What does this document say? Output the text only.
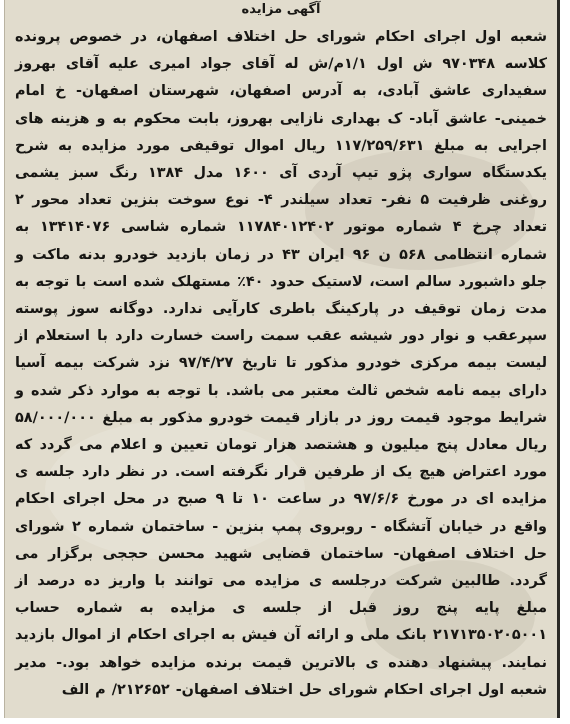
آگهی مزایده
شعبه اول اجرای احکام شورای حل اختلاف اصفهان، در خصوص پرونده کلاسه ۹۷۰۳۴۸ ش اول ۱/۱م/ش له آقای جواد امیری علیه آقای بهروز سفیداری عاشق آبادی، به آدرس اصفهان، شهرستان اصفهان- خ امام خمینی- عاشق آباد- ک بهداری نازایی بهروز، بابت محکوم به و هزینه های اجرایی به مبلغ ۱۱۷/۲۵۹/۶۳۱ ریال اموال توقیفی مورد مزایده به شرح یکدستگاه سواری پژو تیپ آردی آی ۱۶۰۰ مدل ۱۳۸۴ رنگ سبز یشمی روغنی ظرفیت ۵ نفر- تعداد سیلندر ۴- نوع سوخت بنزین تعداد محور ۲ تعداد چرخ ۴ شماره موتور ۱۱۷۸۴۰۱۲۴۰۲ شماره شاسی ۱۳۴۱۴۰۷۶ به شماره انتظامی ۵۶۸ ن ۹۶ ایران ۴۳ در زمان بازدید خودرو بدنه ماکت و جلو داشبورد سالم است، لاستیک حدود ۴۰٪ مستهلک شده است با توجه به مدت زمان توقیف در پارکینگ باطری کارآیی ندارد. دوگانه سوز پوسته سپرعقب و نوار دور شیشه عقب سمت راست خسارت دارد با استعلام از لیست بیمه مرکزی خودرو مذکور تا تاریخ ۹۷/۴/۲۷ نزد شرکت بیمه آسیا دارای بیمه نامه شخص ثالث معتبر می باشد. با توجه به موارد ذکر شده و شرایط موجود قیمت روز در بازار قیمت خودرو مذکور به مبلغ ۵۸/۰۰۰/۰۰۰ ریال معادل پنج میلیون و هشتصد هزار تومان تعیین و اعلام می گردد که مورد اعتراض هیچ یک از طرفین قرار نگرفته است. در نظر دارد جلسه ی مزایده ای در مورخ ۹۷/۶/۶ در ساعت ۱۰ تا ۹ صبح در محل اجرای احکام واقع در خیابان آتشگاه - روبروی پمپ بنزین - ساختمان شماره ۲ شورای حل اختلاف اصفهان- ساختمان قضایی شهید محسن حججی برگزار می گردد. طالبین شرکت درجلسه ی مزایده می توانند با واریز ده درصد از مبلغ پایه پنج روز قبل از جلسه ی مزایده به شماره حساب ۲۱۷۱۳۵۰۲۰۵۰۰۱ بانک ملی و ارائه آن فیش به اجرای احکام از اموال بازدید نمایند. پیشنهاد دهنده ی بالاترین قیمت برنده مزایده خواهد بود.- مدیر شعبه اول اجرای احکام شورای حل اختلاف اصفهان- ۲۱۲۶۵۲/ م الف
